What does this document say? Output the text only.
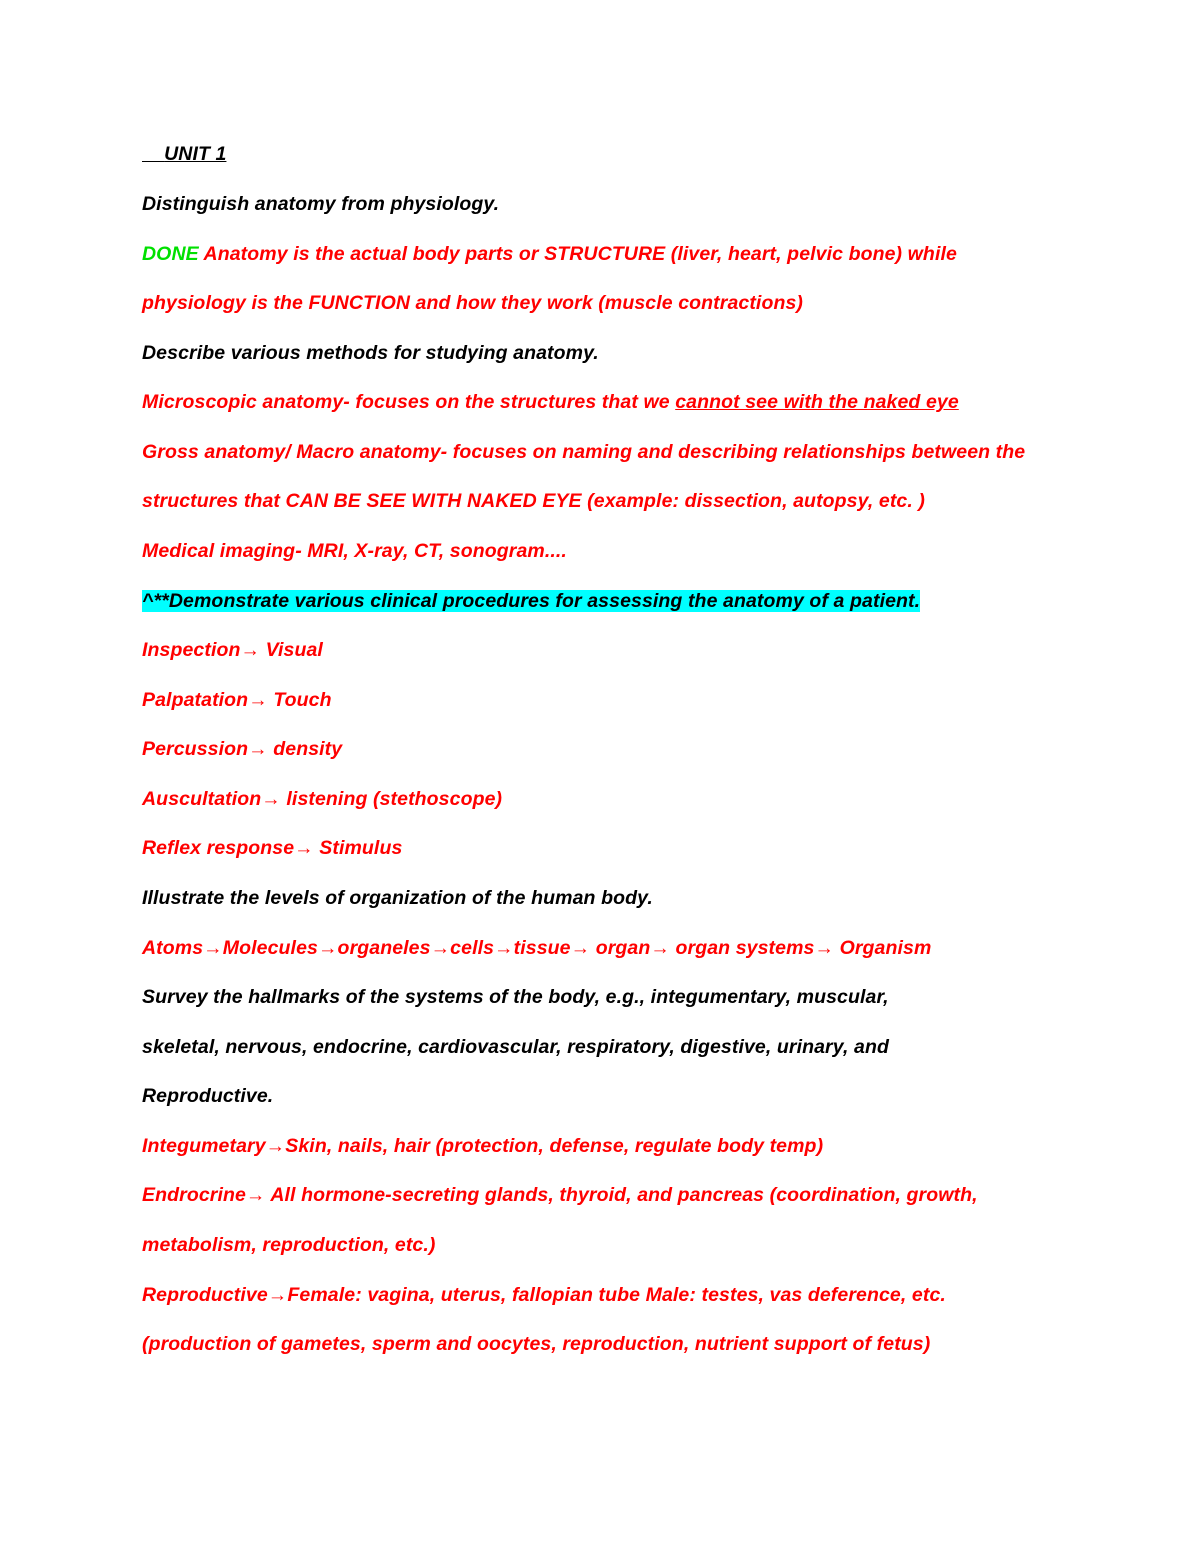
UNIT 1
Distinguish anatomy from physiology.
DONE Anatomy is the actual body parts or STRUCTURE (liver, heart, pelvic bone) while
physiology is the FUNCTION and how they work (muscle contractions)
Describe various methods for studying anatomy.
Microscopic anatomy- focuses on the structures that we cannot see with the naked eye
Gross anatomy/ Macro anatomy- focuses on naming and describing relationships between the
structures that CAN BE SEE WITH NAKED EYE (example: dissection, autopsy, etc. )
Medical imaging- MRI, X-ray, CT, sonogram....
^**Demonstrate various clinical procedures for assessing the anatomy of a patient.
Inspection→ Visual
Palpatation→ Touch
Percussion→ density
Auscultation→ listening (stethoscope)
Reflex response→ Stimulus
Illustrate the levels of organization of the human body.
Atoms→Molecules→organeles→cells→tissue→ organ→ organ systems→ Organism
Survey the hallmarks of the systems of the body, e.g., integumentary, muscular,
skeletal, nervous, endocrine, cardiovascular, respiratory, digestive, urinary, and
Reproductive.
Integumetary→Skin, nails, hair (protection, defense, regulate body temp)
Endrocrine→ All hormone-secreting glands, thyroid, and pancreas (coordination, growth,
metabolism, reproduction, etc.)
Reproductive→Female: vagina, uterus, fallopian tube Male: testes, vas deference, etc.
(production of gametes, sperm and oocytes, reproduction, nutrient support of fetus)
